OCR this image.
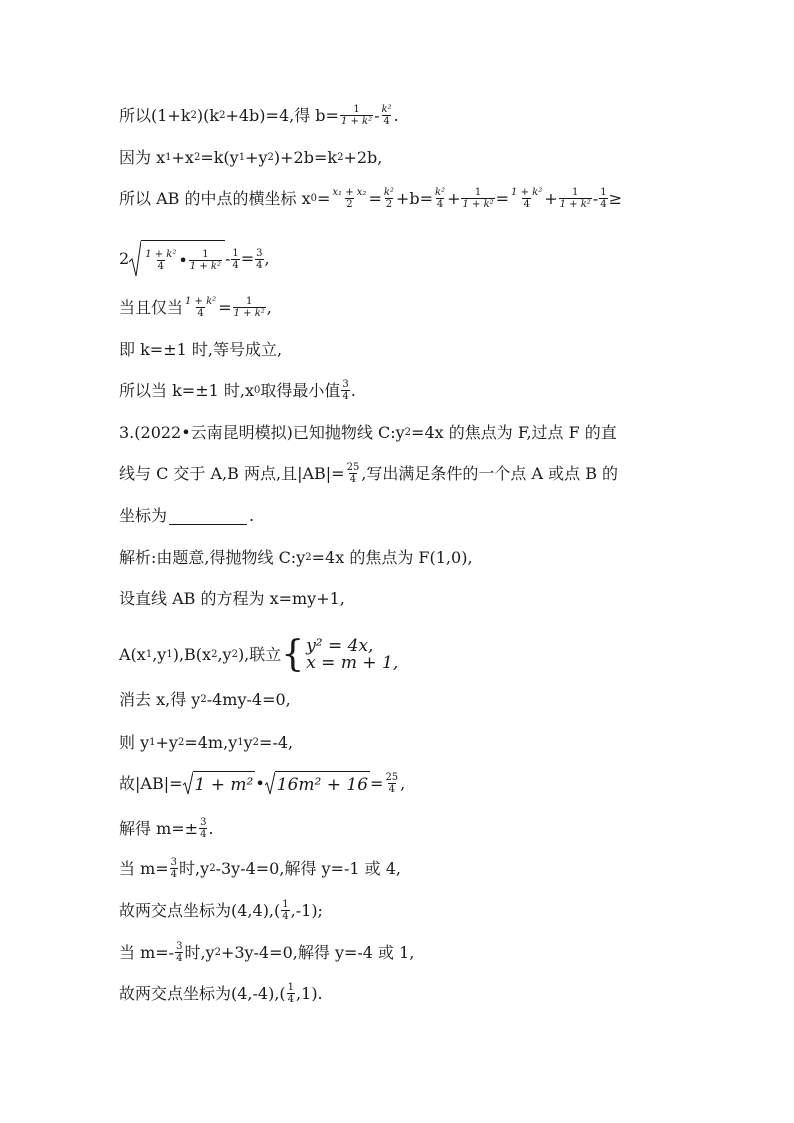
所以(1+k 2 )(k 2 +4b)=4,得 $b= \frac{1}{\text{1 + k²}} - \frac{\text{k²}}{4}$ .
因为 x 1 +x 2 =k(y 1 +y 2 )+2b=k 2 +2b,
所以 AB 的中点的横坐标 x $0 = \frac{\text{x₁ + x₂}}{2} = \frac{\text{k²}}{2} +b= \frac{\text{k²}}{4} + \frac{1}{\text{1 + k²}} = \frac{\text{1 + k²}}{4} + \frac{1}{\text{1 + k²}} - \frac{1}{4}$ ≥
$2 \frac{\text{1 + k²}}{4}$ • $\frac{1}{\text{1 + k²}} - \frac{1}{4} = \frac{3}{4}$ ,
当且仅当 $\frac{\text{1 + k²}}{4} = \frac{1}{\text{1 + k²}}$ ,
即 k=±1 时,等号成立,
所以当 k=±1 时,x 0 取得最小值 $\frac{3}{4}$ .
3.(2022•云南昆明模拟)已知抛物线 C:y 2 =4x 的焦点为 F,过点 F 的直
线与 C 交于 A,B 两点,且$|AB|= \frac{25}{4}$ ,写出满足条件的一个点 A 或点 B 的
坐标为	.
解析:由题意,得抛物线 C:y 2 =4x 的焦点为 F(1,0),
设直线 AB 的方程为 x=my+1,
A(x 1 ,y 1 ),B(x 2 ,y 2 ),联立 { y² = 4x,
x = m + 1,
消去 x,得 y 2 -4my-4=0,
则 y 1 +y 2 =4m,y 1 y 2 =-4,
故|AB|= 1 + m² • $16m^2 + 16 = \frac{25}{4}$ ,
解得 $m=\pm \frac{3}{4}$ .
当 $m= \frac{3}{4}$ 时,y 2 -3y-4=0,解得 y=-1 或 4,
故两交点坐标为$(4,4),( \frac{1}{4} ,-1)$;
当 $m=- \frac{3}{4}$ 时,y 2 +3y-4=0,解得 y=-4 或 1,
故两交点坐标为$(4,-4),( \frac{1}{4} ,1)$.
